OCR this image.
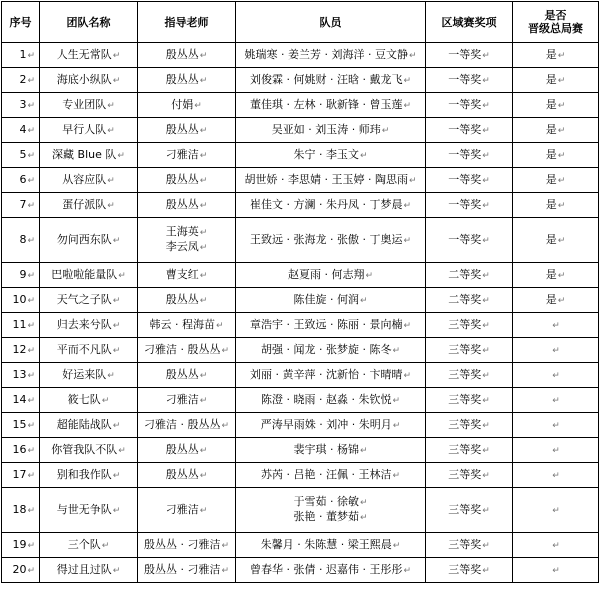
序号	团队名称	指导老师	队员	区域赛奖项	是否
晋级总局赛

1↵	人生无常队↵	殷丛丛↵	姚瑞寒 · 姜兰芳 · 刘海洋 · 豆文静↵	一等奖↵	是↵
2↵	海底小纵队↵	殷丛丛↵	刘俊霖 · 何姚财 · 汪晗 · 戴龙飞↵	一等奖↵	是↵
3↵	专业团队↵	付娟↵	董佳琪 · 左林 · 耿新锋 · 曾玉莲↵	一等奖↵	是↵
4↵	早行人队↵	殷丛丛↵	吴亚如 · 刘玉涛 · 师玮↵	一等奖↵	是↵
5↵	深藏 Blue 队↵	刁雅洁↵	朱宁 · 李玉文↵	一等奖↵	是↵
6↵	从容应队↵	殷丛丛↵	胡世娇 · 李思婧 · 王玉婷 · 陶思雨↵	一等奖↵	是↵
7↵	蛋仔派队↵	殷丛丛↵	崔佳文 · 方澜 · 朱丹凤 · 丁梦晨↵	一等奖↵	是↵
8↵	勿问西东队↵	王海英↵
李云凤↵	王致远 · 张海龙 · 张傲 · 丁奥运↵	一等奖↵	是↵
9↵	巴啦啦能量队↵	曹支红↵	赵夏雨 · 何志翔↵	二等奖↵	是↵
10↵	天气之子队↵	殷丛丛↵	陈佳旋 · 何润↵	二等奖↵	是↵
11↵	归去来兮队↵	韩云 · 程海苗↵	章浩宇 · 王致远 · 陈丽 · 景向楠↵	三等奖↵	↵
12↵	平而不凡队↵	刁雅洁 · 殷丛丛↵	胡强 · 闻龙 · 张梦旋 · 陈冬↵	三等奖↵	↵
13↵	好运来队↵	殷丛丛↵	刘丽 · 黄辛萍 · 沈新怡 · 卞晴晴↵	三等奖↵	↵
14↵	筱七队↵	刁雅洁↵	陈澄 · 晓雨 · 赵淼 · 朱钦悦↵	三等奖↵	↵
15↵	超能陆战队↵	刁雅洁 · 殷丛丛↵	严涛早雨姝 · 刘冲 · 朱明月↵	三等奖↵	↵
16↵	你管我队不队↵	殷丛丛↵	裴宇琪 · 杨锦↵	三等奖↵	↵
17↵	别和我作队↵	殷丛丛↵	苏芮 · 吕艳 · 汪佩 · 王林洁↵	三等奖↵	↵
18↵	与世无争队↵	刁雅洁↵	于雪茹 · 徐敏↵
张艳 · 董梦茹↵	三等奖↵	↵
19↵	三个队↵	殷丛丛 · 刁雅洁↵	朱馨月 · 朱陈慧 · 梁王熙晨↵	三等奖↵	↵
20↵	得过且过队↵	殷丛丛 · 刁雅洁↵	曾春华 · 张倩 · 迟嘉伟 · 王彤彤↵	三等奖↵	↵
